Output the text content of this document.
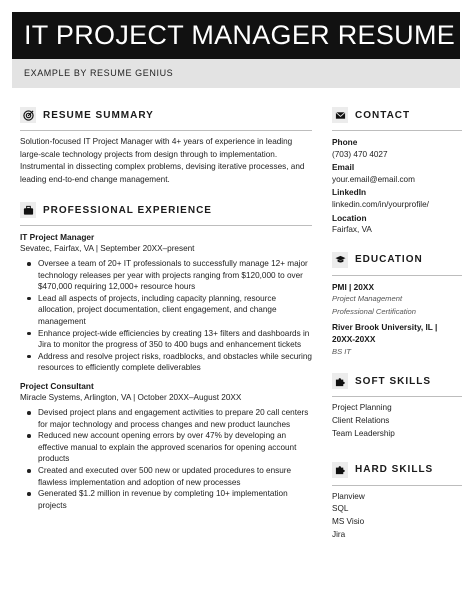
IT PROJECT MANAGER RESUME
EXAMPLE BY RESUME GENIUS
RESUME SUMMARY

Solution-focused IT Project Manager with 4+ years of experience in leading large-scale technology projects from design through to implementation. Instrumental in dissecting complex problems, devising iterative processes, and leading end-to-end change management.

PROFESSIONAL EXPERIENCE
IT Project Manager
Sevatec, Fairfax, VA | September 20XX–present
Oversee a team of 20+ IT professionals to successfully manage 12+ major technology releases per year with projects ranging from $120,000 to over $470,000 requiring 12,000+ resource hours
Lead all aspects of projects, including capacity planning, resource allocation, project documentation, client engagement, and change management
Enhance project-wide efficiencies by creating 13+ filters and dashboards in Jira to monitor the progress of 350 to 400 bugs and enhancement tickets
Address and resolve project risks, roadblocks, and obstacles while securing resources to efficiently complete deliverables
Project Consultant
Miracle Systems, Arlington, VA | October 20XX–August 20XX
Devised project plans and engagement activities to prepare 20 call centers for major technology and process changes and new product launches
Reduced new account opening errors by over 47% by developing an effective manual to explain the approved scenarios for opening account products
Created and executed over 500 new or updated procedures to ensure flawless implementation and adoption of new processes
Generated $1.2 million in revenue by completing 10+ implementation projects
CONTACT
Phone
(703) 470 4027
Email
your.email@email.com
LinkedIn
linkedin.com/in/yourprofile/
Location
Fairfax, VA
EDUCATION
PMI | 20XX
Project Management
Professional Certification
River Brook University, IL |
20XX-20XX
BS IT
SOFT SKILLS
Project Planning
Client Relations
Team Leadership
HARD SKILLS
Planview
SQL
MS Visio
Jira
